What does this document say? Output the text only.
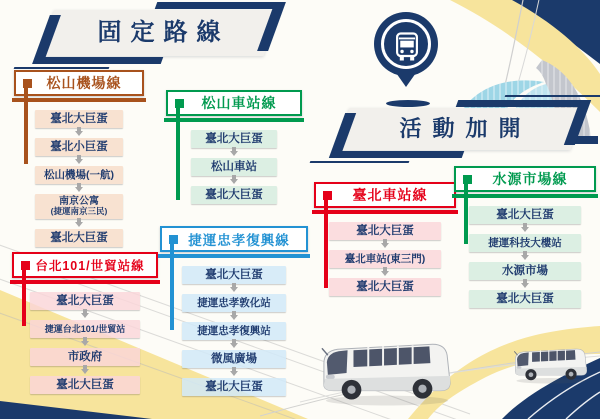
固定路線
活動加開
松山機場線
臺北大巨蛋
臺北小巨蛋
松山機場(一航)
南京公寓
(捷運南京三民)
臺北大巨蛋
台北101/世貿站線
臺北大巨蛋
捷運台北101/世貿站
市政府
臺北大巨蛋
松山車站線
臺北大巨蛋
松山車站
臺北大巨蛋
捷運忠孝復興線
臺北大巨蛋
捷運忠孝敦化站
捷運忠孝復興站
微風廣場
臺北大巨蛋
臺北車站線
臺北大巨蛋
臺北車站(東三門)
臺北大巨蛋
水源市場線
臺北大巨蛋
捷運科技大樓站
水源市場
臺北大巨蛋
